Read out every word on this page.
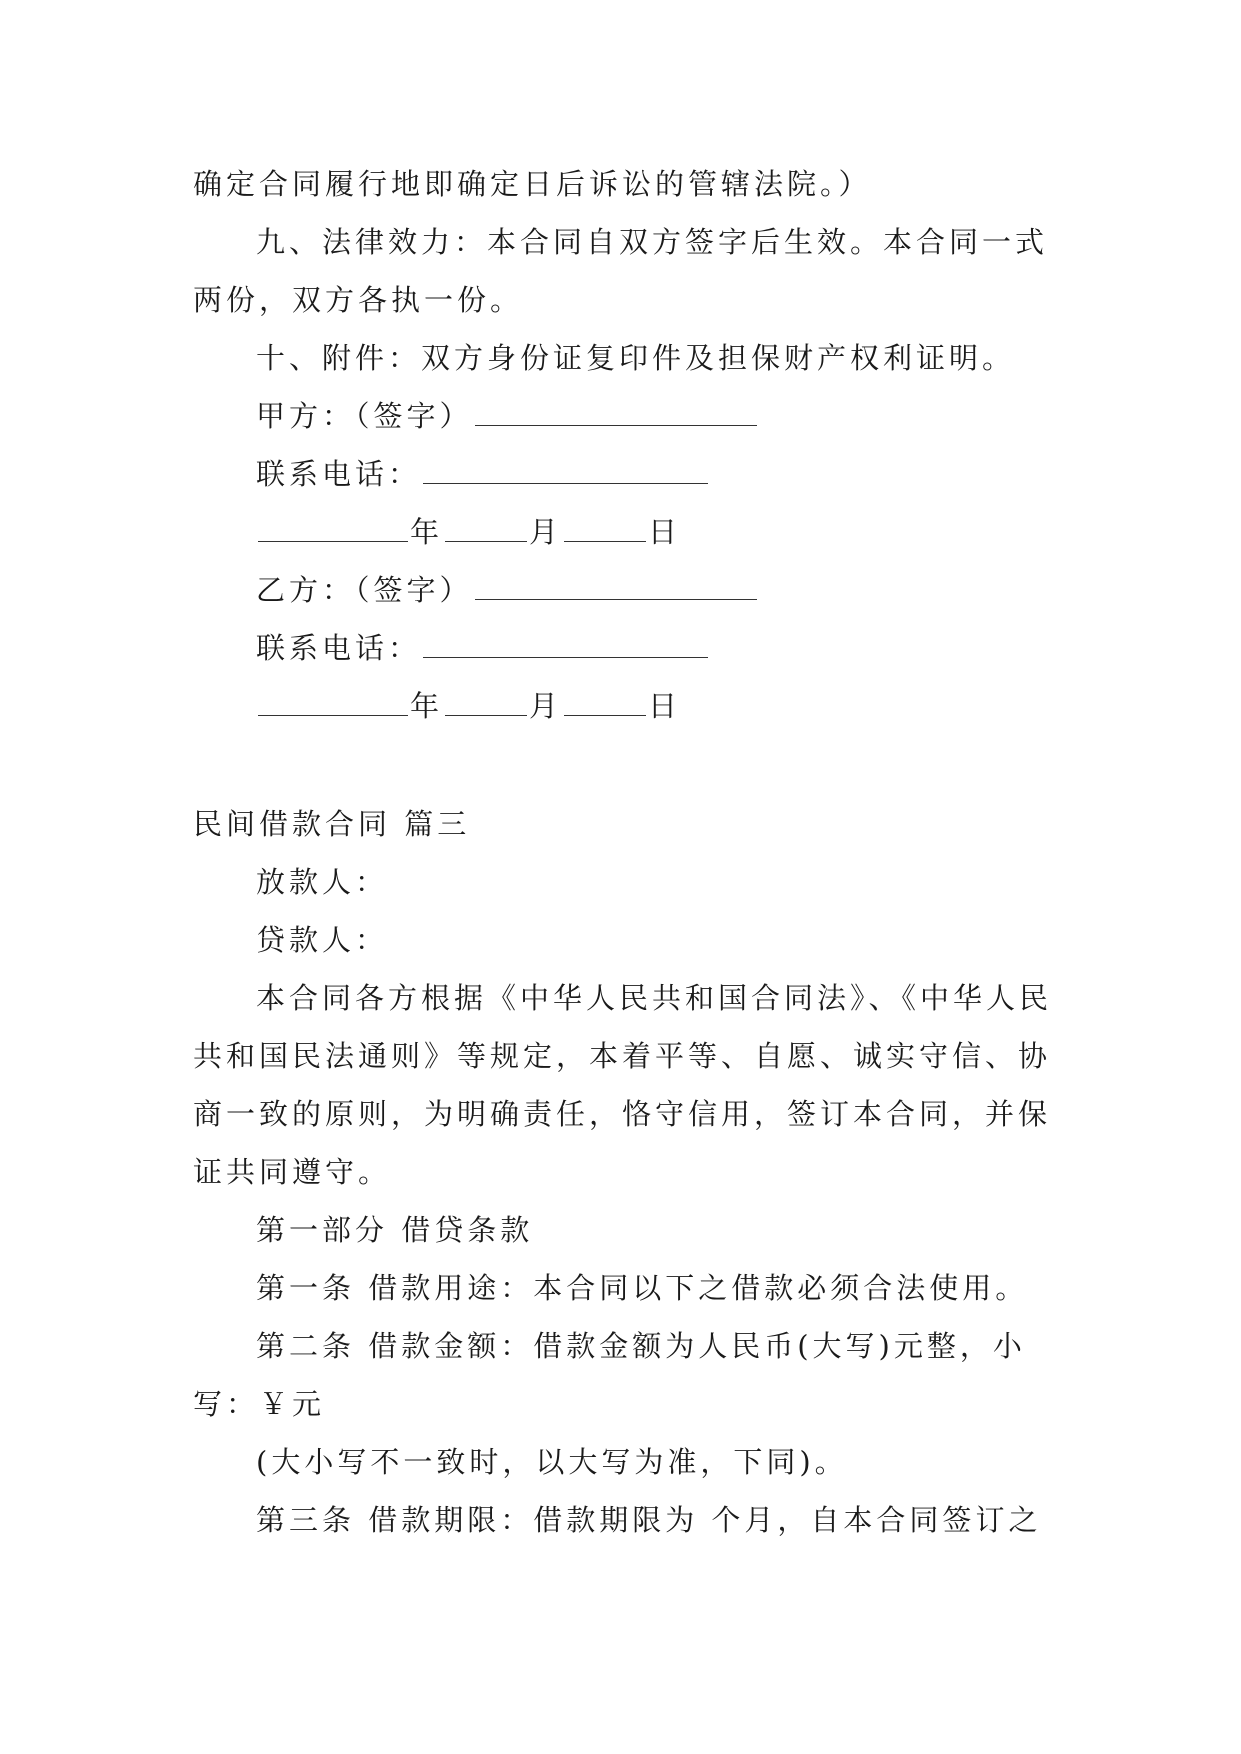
确定合同履行地即确定日后诉讼的管辖法院。）
九、法律效力：本合同自双方签字后生效。本合同一式
两份，双方各执一份。
十、附件：双方身份证复印件及担保财产权利证明。
甲方：（签字）
联系电话：
年	月	日
乙方：（签字）
联系电话：
年	月	日
民间借款合同 篇三
放款人：
贷款人：
本合同各方根据《中华人民共和国合同法》、《中华人民
共和国民法通则》等规定，本着平等、自愿、诚实守信、协
商一致的原则，为明确责任，恪守信用，签订本合同，并保
证共同遵守。
第一部分 借贷条款
第一条 借款用途：本合同以下之借款必须合法使用。
第二条 借款金额：借款金额为人民币(大写)元整，小
写：￥元
(大小写不一致时，以大写为准，下同)。
第三条 借款期限：借款期限为 个月，自本合同签订之
